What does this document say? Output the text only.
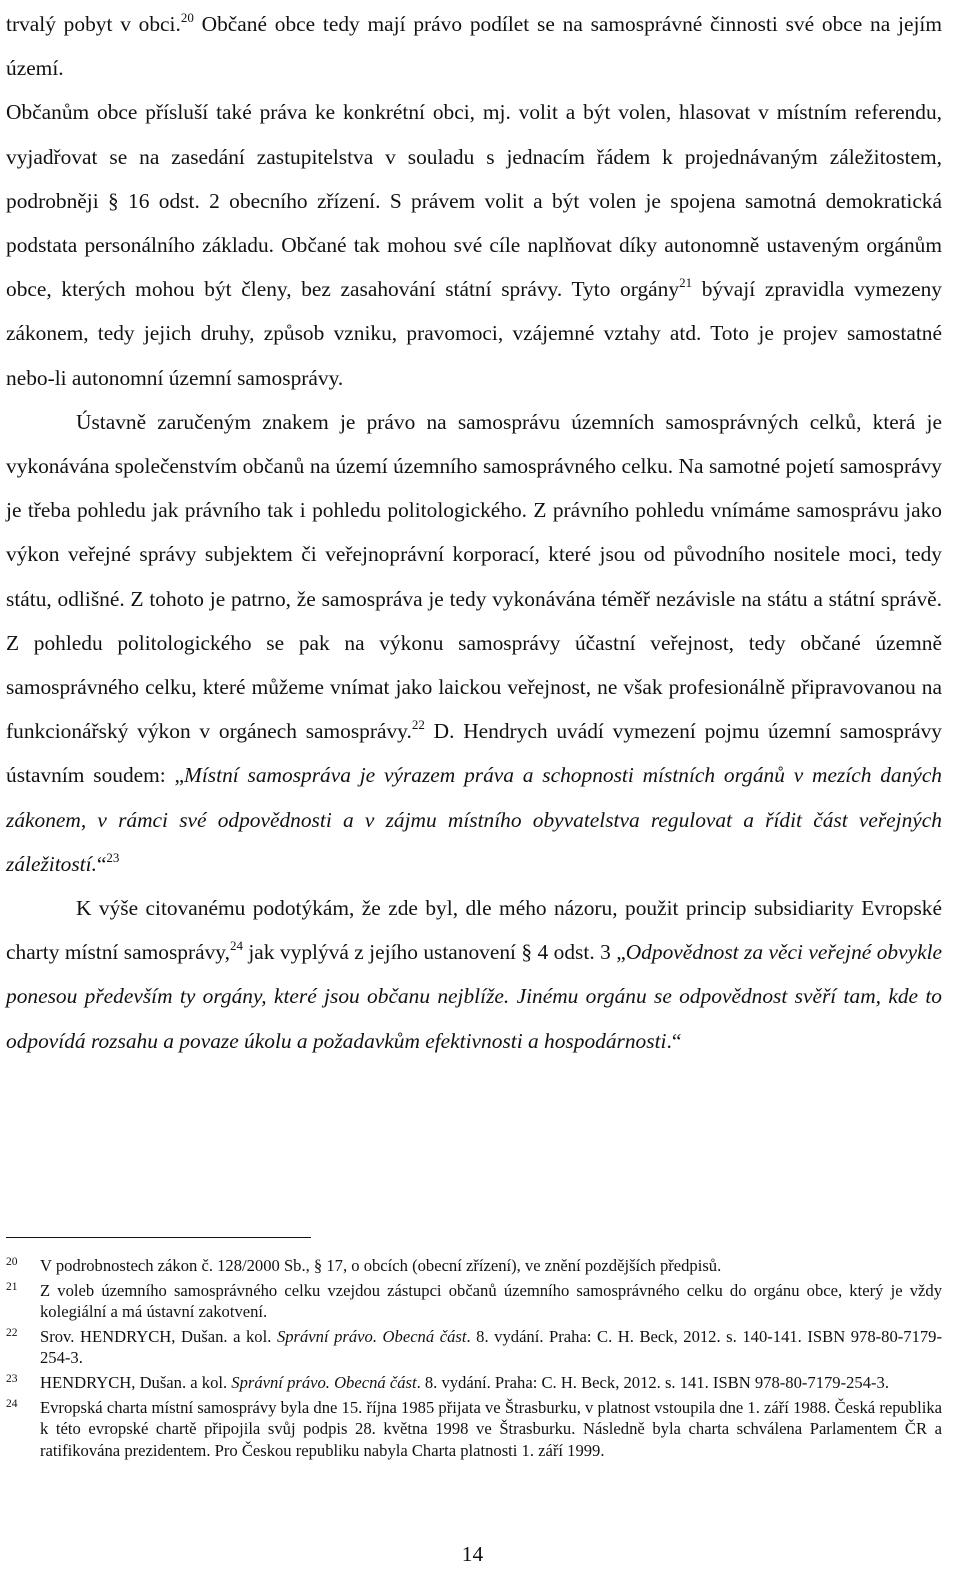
trvalý pobyt v obci.$^{20}$ Občané obce tedy mají právo podílet se na samosprávné činnosti své obce na jejím území.

Občanům obce přísluší také práva ke konkrétní obci, mj. volit a být volen, hlasovat v místním referendu, vyjadřovat se na zasedání zastupitelstva v souladu s jednacím řádem k projednávaným záležitostem, podrobněji § 16 odst. 2 obecního zřízení. S právem volit a být volen je spojena samotná demokratická podstata personálního základu. Občané tak mohou své cíle naplňovat díky autonomně ustaveným orgánům obce, kterých mohou být členy, bez zasahování státní správy. Tyto orgány$^{21}$ bývají zpravidla vymezeny zákonem, tedy jejich druhy, způsob vzniku, pravomoci, vzájemné vztahy atd. Toto je projev samostatné nebo-li autonomní územní samosprávy.

Ústavně zaručeným znakem je právo na samosprávu územních samosprávných celků, která je vykonávána společenstvím občanů na území územního samosprávného celku. Na samotné pojetí samosprávy je třeba pohledu jak právního tak i pohledu politologického. Z právního pohledu vnímáme samosprávu jako výkon veřejné správy subjektem či veřejnoprávní korporací, které jsou od původního nositele moci, tedy státu, odlišné. Z tohoto je patrno, že samospráva je tedy vykonávána téměř nezávisle na státu a státní správě. Z pohledu politologického se pak na výkonu samosprávy účastní veřejnost, tedy občané územně samosprávného celku, které můžeme vnímat jako laickou veřejnost, ne však profesionálně připravovanou na funkcionářský výkon v orgánech samosprávy.$^{22}$ D. Hendrych uvádí vymezení pojmu územní samosprávy ústavním soudem: „Místní samospráva je výrazem práva a schopnosti místních orgánů v mezích daných zákonem, v rámci své odpovědnosti a v zájmu místního obyvatelstva regulovat a řídit část veřejných záležitostí.“$^{23}$

K výše citovanému podotýkám, že zde byl, dle mého názoru, použit princip subsidiarity Evropské charty místní samosprávy,$^{24}$ jak vyplývá z jejího ustanovení § 4 odst. 3 „Odpovědnost za věci veřejné obvykle ponesou především ty orgány, které jsou občanu nejblíže. Jinému orgánu se odpovědnost svěří tam, kde to odpovídá rozsahu a povaze úkolu a požadavkům efektivnosti a hospodárnosti.“

20 V podrobnostech zákon č. 128/2000 Sb., § 17, o obcích (obecní zřízení), ve znění pozdějších předpisů.
21 Z voleb územního samosprávného celku vzejdou zástupci občanů územního samosprávného celku do orgánu obce, který je vždy kolegiální a má ústavní zakotvení.
22 Srov. HENDRYCH, Dušan. a kol. Správní právo. Obecná část. 8. vydání. Praha: C. H. Beck, 2012. s. 140-141. ISBN 978-80-7179-254-3.
23 HENDRYCH, Dušan. a kol. Správní právo. Obecná část. 8. vydání. Praha: C. H. Beck, 2012. s. 141. ISBN 978-80-7179-254-3.
24 Evropská charta místní samosprávy byla dne 15. října 1985 přijata ve Štrasburku, v platnost vstoupila dne 1. září 1988. Česká republika k této evropské chartě připojila svůj podpis 28. května 1998 ve Štrasburku. Následně byla charta schválena Parlamentem ČR a ratifikována prezidentem. Pro Českou republiku nabyla Charta platnosti 1. září 1999.
14
